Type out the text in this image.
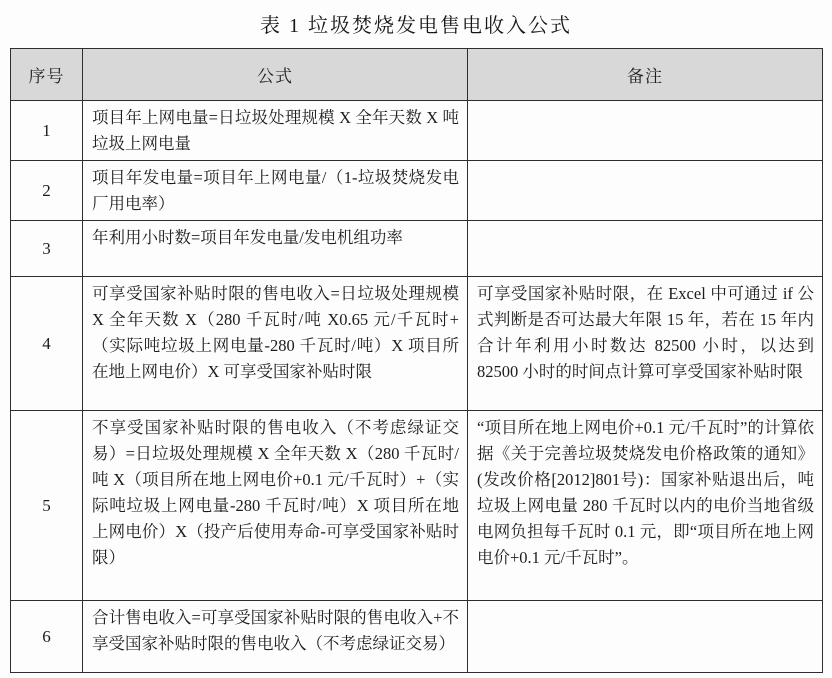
表 1 垃圾焚烧发电售电收入公式
序号	公式	备注
1	项目年上网电量=日垃圾处理规模 X 全年天数 X 吨垃圾上网电量	
2	项目年发电量=项目年上网电量/（1-垃圾焚烧发电厂用电率）	
3	年利用小时数=项目年发电量/发电机组功率	
4	可享受国家补贴时限的售电收入=日垃圾处理规模 X 全年天数 X（280 千瓦时/吨 X0.65 元/千瓦时+（实际吨垃圾上网电量-280 千瓦时/吨）X 项目所在地上网电价）X 可享受国家补贴时限	可享受国家补贴时限，在 Excel 中可通过 if 公式判断是否可达最大年限 15 年，若在 15 年内合计年利用小时数达 82500 小时，以达到 82500 小时的时间点计算可享受国家补贴时限
5	不享受国家补贴时限的售电收入（不考虑绿证交易）=日垃圾处理规模 X 全年天数 X（280 千瓦时/吨 X（项目所在地上网电价+0.1 元/千瓦时）+（实际吨垃圾上网电量-280 千瓦时/吨）X 项目所在地上网电价）X（投产后使用寿命-可享受国家补贴时限）	“项目所在地上网电价+0.1 元/千瓦时”的计算依据《关于完善垃圾焚烧发电价格政策的通知》(发改价格[2012]801号)：国家补贴退出后，吨垃圾上网电量 280 千瓦时以内的电价当地省级电网负担每千瓦时 0.1 元，即“项目所在地上网电价+0.1 元/千瓦时”。
6	合计售电收入=可享受国家补贴时限的售电收入+不享受国家补贴时限的售电收入（不考虑绿证交易）	
